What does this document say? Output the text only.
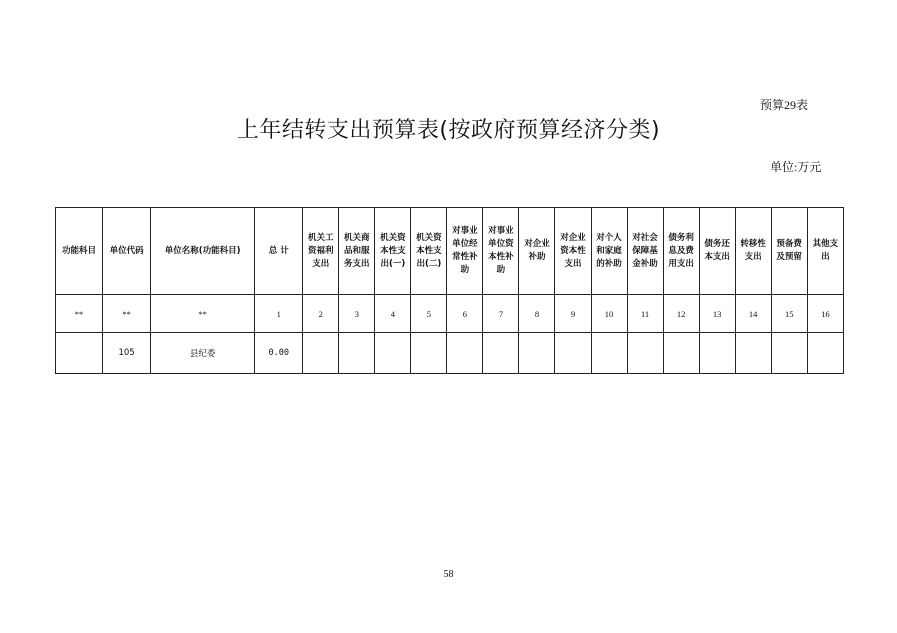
预算29表
上年结转支出预算表(按政府预算经济分类)
单位:万元
功能科目	单位代码	单位名称(功能科目)	总 计	机关工资福利支出	机关商品和服务支出	机关资本性支出(一)	机关资本性支出(二)	对事业单位经常性补助	对事业单位资本性补助	对企业补助	对企业资本性支出	对个人和家庭的补助	对社会保障基金补助	债务利息及费用支出	债务还本支出	转移性支出	预备费及预留	其他支出
**	**	**	1	2	3	4	5	6	7	8	9	10	11	12	13	14	15	16
	105	县纪委	0.00															
58
